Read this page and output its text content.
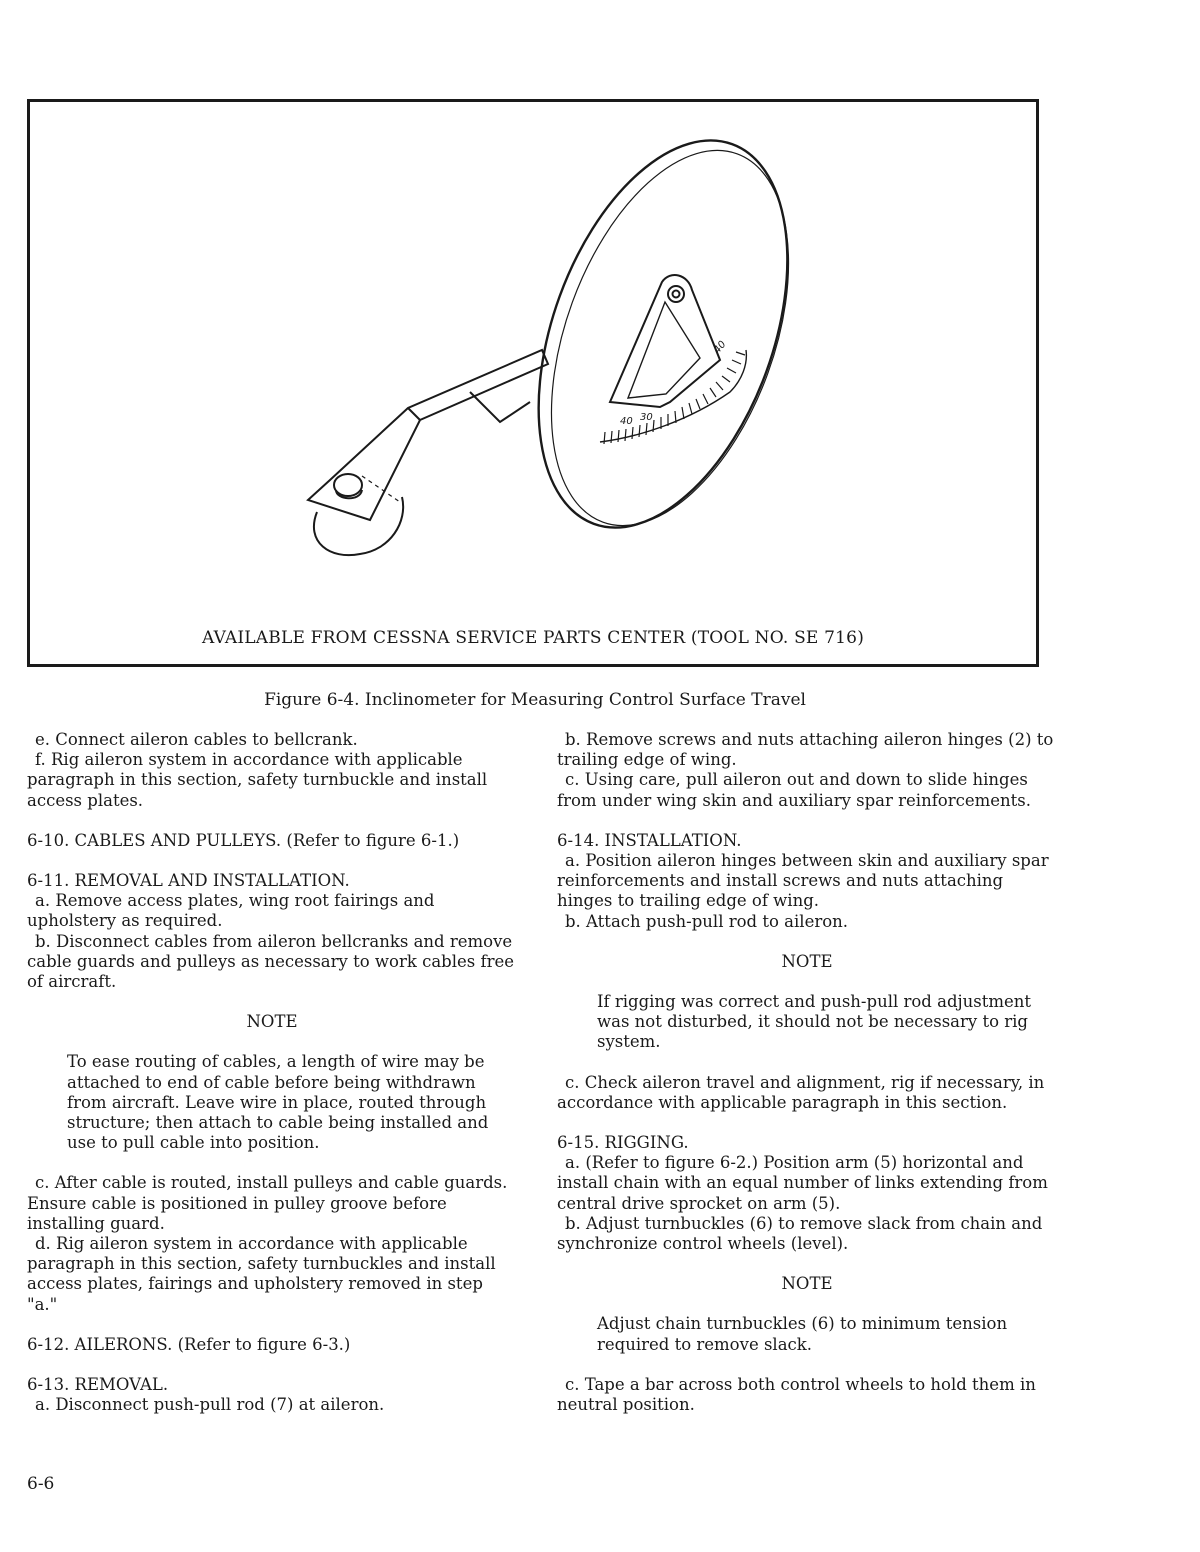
40 30
40
AVAILABLE FROM CESSNA SERVICE PARTS CENTER (TOOL NO. SE 716)
Figure 6-4. Inclinometer for Measuring Control Surface Travel

e. Connect aileron cables to bellcrank.

f. Rig aileron system in accordance with applicable paragraph in this section, safety turnbuckle and install access plates.

6-10. CABLES AND PULLEYS. (Refer to figure 6-1.)

6-11. REMOVAL AND INSTALLATION.

a. Remove access plates, wing root fairings and upholstery as required.

b. Disconnect cables from aileron bellcranks and remove cable guards and pulleys as necessary to work cables free of aircraft.

NOTE

To ease routing of cables, a length of wire may be attached to end of cable before being withdrawn from aircraft. Leave wire in place, routed through structure; then attach to cable being installed and use to pull cable into position.

c. After cable is routed, install pulleys and cable guards. Ensure cable is positioned in pulley groove before installing guard.

d. Rig aileron system in accordance with applicable paragraph in this section, safety turnbuckles and install access plates, fairings and upholstery removed in step "a."

6-12. AILERONS. (Refer to figure 6-3.)

6-13. REMOVAL.

a. Disconnect push-pull rod (7) at aileron.

b. Remove screws and nuts attaching aileron hinges (2) to trailing edge of wing.

c. Using care, pull aileron out and down to slide hinges from under wing skin and auxiliary spar reinforcements.

6-14. INSTALLATION.

a. Position aileron hinges between skin and auxiliary spar reinforcements and install screws and nuts attaching hinges to trailing edge of wing.

b. Attach push-pull rod to aileron.

NOTE

If rigging was correct and push-pull rod adjustment was not disturbed, it should not be necessary to rig system.

c. Check aileron travel and alignment, rig if necessary, in accordance with applicable paragraph in this section.

6-15. RIGGING.

a. (Refer to figure 6-2.) Position arm (5) horizontal and install chain with an equal number of links extending from central drive sprocket on arm (5).

b. Adjust turnbuckles (6) to remove slack from chain and synchronize control wheels (level).

NOTE

Adjust chain turnbuckles (6) to minimum tension required to remove slack.

c. Tape a bar across both control wheels to hold them in neutral position.

6-6
